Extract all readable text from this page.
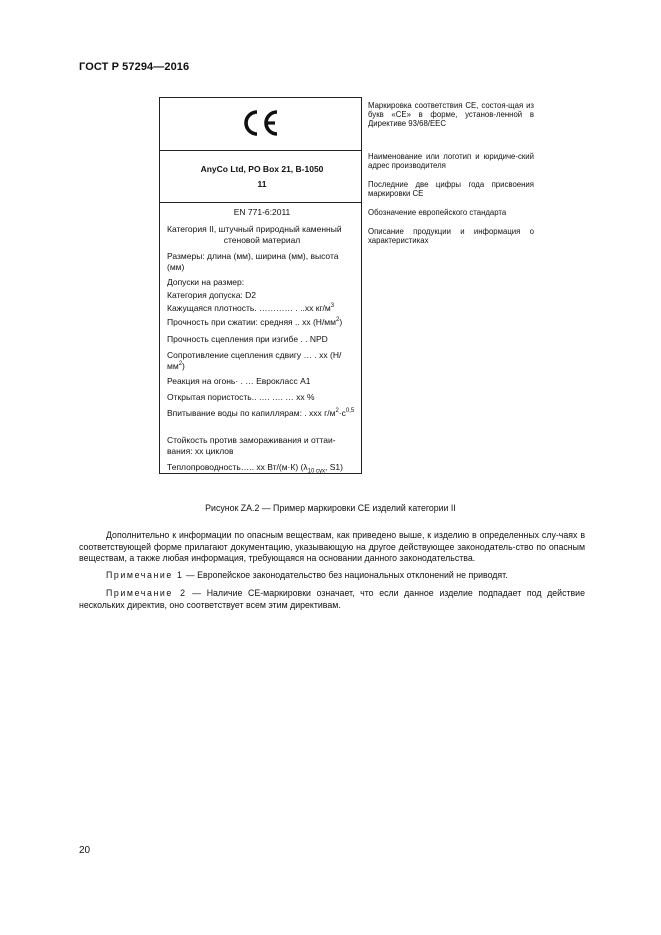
ГОСТ Р 57294—2016
AnyCo Ltd, PO Box 21, B-1050
11
EN 771-6:2011
Категория II, штучный природный каменный
стеновой материал
Размеры: длина (мм), ширина (мм), высота (мм)
Допуски на размер:
Категория допуска: D2
Кажущаяся плотность. ………… . ..xx $кг/м^3$
Прочность при сжатии: средняя .. xx $(Н/мм^2)$
Прочность сцепления при изгибе . . NPD
Сопротивление сцепления сдвигу … . xx $(Н/мм^2)$
Реакция на огонь· . … Еврокласс A1
Открытая пористость.. …. …. … xx %
Впитывание воды по капиллярам: . xxx $г/м^2\cdot с^{0,5}$
Стойкость против замораживания и оттаи-
вания: xx циклов
Теплопроводность….. xx Вт/(м·К) ($\lambda_{10 сух}$, S1)
Маркировка соответствия CE, состоя-щая из букв «CE» в форме, установ-ленной в Директиве 93/68/EEC
Наименование или логотип и юридиче-ский адрес производителя
Последние две цифры года присвоения маркировки CE
Обозначение европейского стандарта
Описание продукции и информация о характеристиках
Рисунок ZA.2 — Пример маркировки CE изделий категории II
Дополнительно к информации по опасным веществам, как приведено выше, к изделию в определенных слу-чаях в соответствующей форме прилагают документацию, указывающую на другое действующее законодатель-ство по опасным веществам, а также любая информация, требующаяся на основании данного законодательства.
Примечание 1 — Европейское законодательство без национальных отклонений не приводят.
Примечание 2 — Наличие CE-маркировки означает, что если данное изделие подпадает под действие нескольких директив, оно соответствует всем этим директивам.
20
